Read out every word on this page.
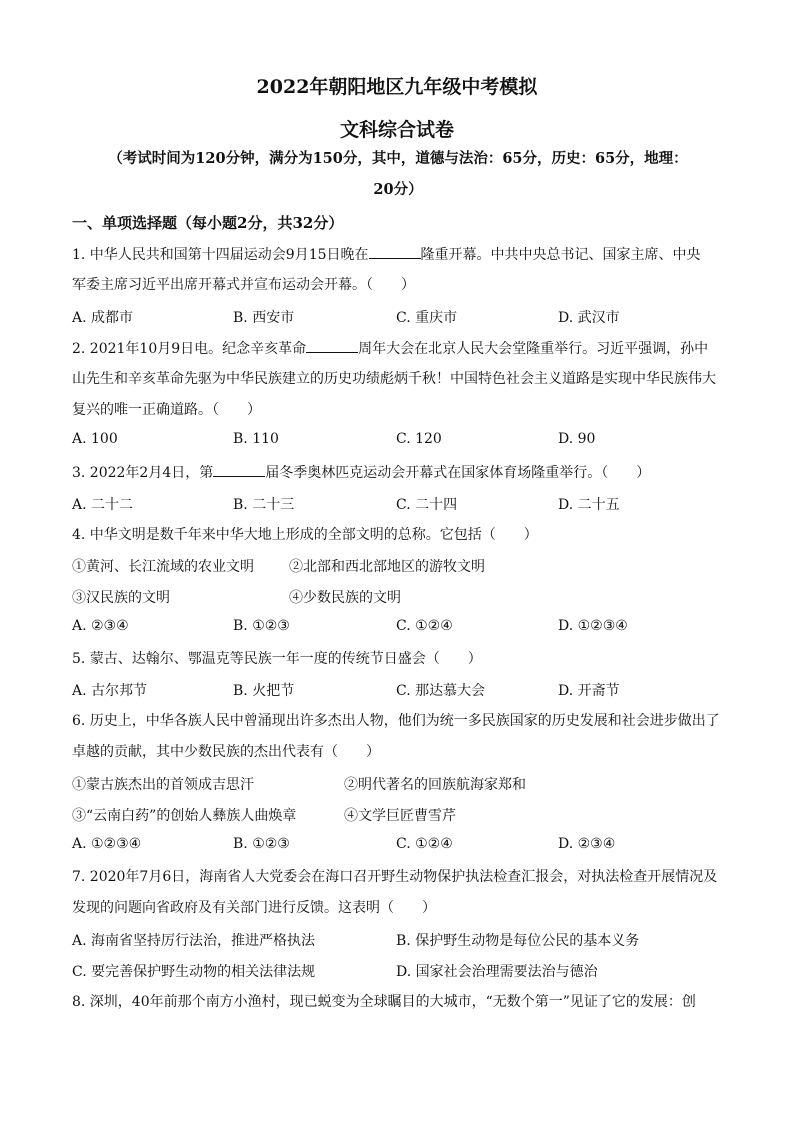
2022年朝阳地区九年级中考模拟
文科综合试卷
（考试时间为120分钟，满分为150分，其中，道德与法治：65分，历史：65分，地理：
20分）
一、单项选择题（每小题2分，共32分）
1. 中华人民共和国第十四届运动会9月15日晚在	隆重开幕。中共中央总书记、国家主席、中央
军委主席习近平出席开幕式并宣布运动会开幕。（　　）
A. 成都市	B. 西安市	C. 重庆市	D. 武汉市
2. 2021年10月9日电。纪念辛亥革命	周年大会在北京人民大会堂隆重举行。习近平强调，孙中
山先生和辛亥革命先驱为中华民族建立的历史功绩彪炳千秋！中国特色社会主义道路是实现中华民族伟大
复兴的唯一正确道路。（　　）
A. 100	B. 110	C. 120	D. 90
3. 2022年2月4日，第	届冬季奥林匹克运动会开幕式在国家体育场隆重举行。（　　）
A. 二十二	B. 二十三	C. 二十四	D. 二十五
4. 中华文明是数千年来中华大地上形成的全部文明的总称。它包括（　　）
①黄河、长江流域的农业文明	②北部和西北部地区的游牧文明
③汉民族的文明	④少数民族的文明
A. ②③④	B. ①②③	C. ①②④	D. ①②③④
5. 蒙古、达翰尔、鄂温克等民族一年一度的传统节日盛会（　　）
A. 古尔邦节	B. 火把节	C. 那达慕大会	D. 开斋节
6. 历史上，中华各族人民中曾涌现出许多杰出人物，他们为统一多民族国家的历史发展和社会进步做出了
卓越的贡献，其中少数民族的杰出代表有（　　）
①蒙古族杰出的首领成吉思汗	②明代著名的回族航海家郑和
③“云南白药”的创始人彝族人曲焕章	④文学巨匠曹雪芹
A. ①②③④	B. ①②③	C. ①②④	D. ②③④
7. 2020年7月6日，海南省人大党委会在海口召开野生动物保护执法检查汇报会，对执法检查开展情况及
发现的问题向省政府及有关部门进行反馈。这表明（　　）
A. 海南省坚持厉行法治，推进严格执法	B. 保护野生动物是每位公民的基本义务
C. 要完善保护野生动物的相关法律法规	D. 国家社会治理需要法治与德治
8. 深圳，40年前那个南方小渔村，现已蜕变为全球瞩目的大城市，“无数个第一”见证了它的发展：创
